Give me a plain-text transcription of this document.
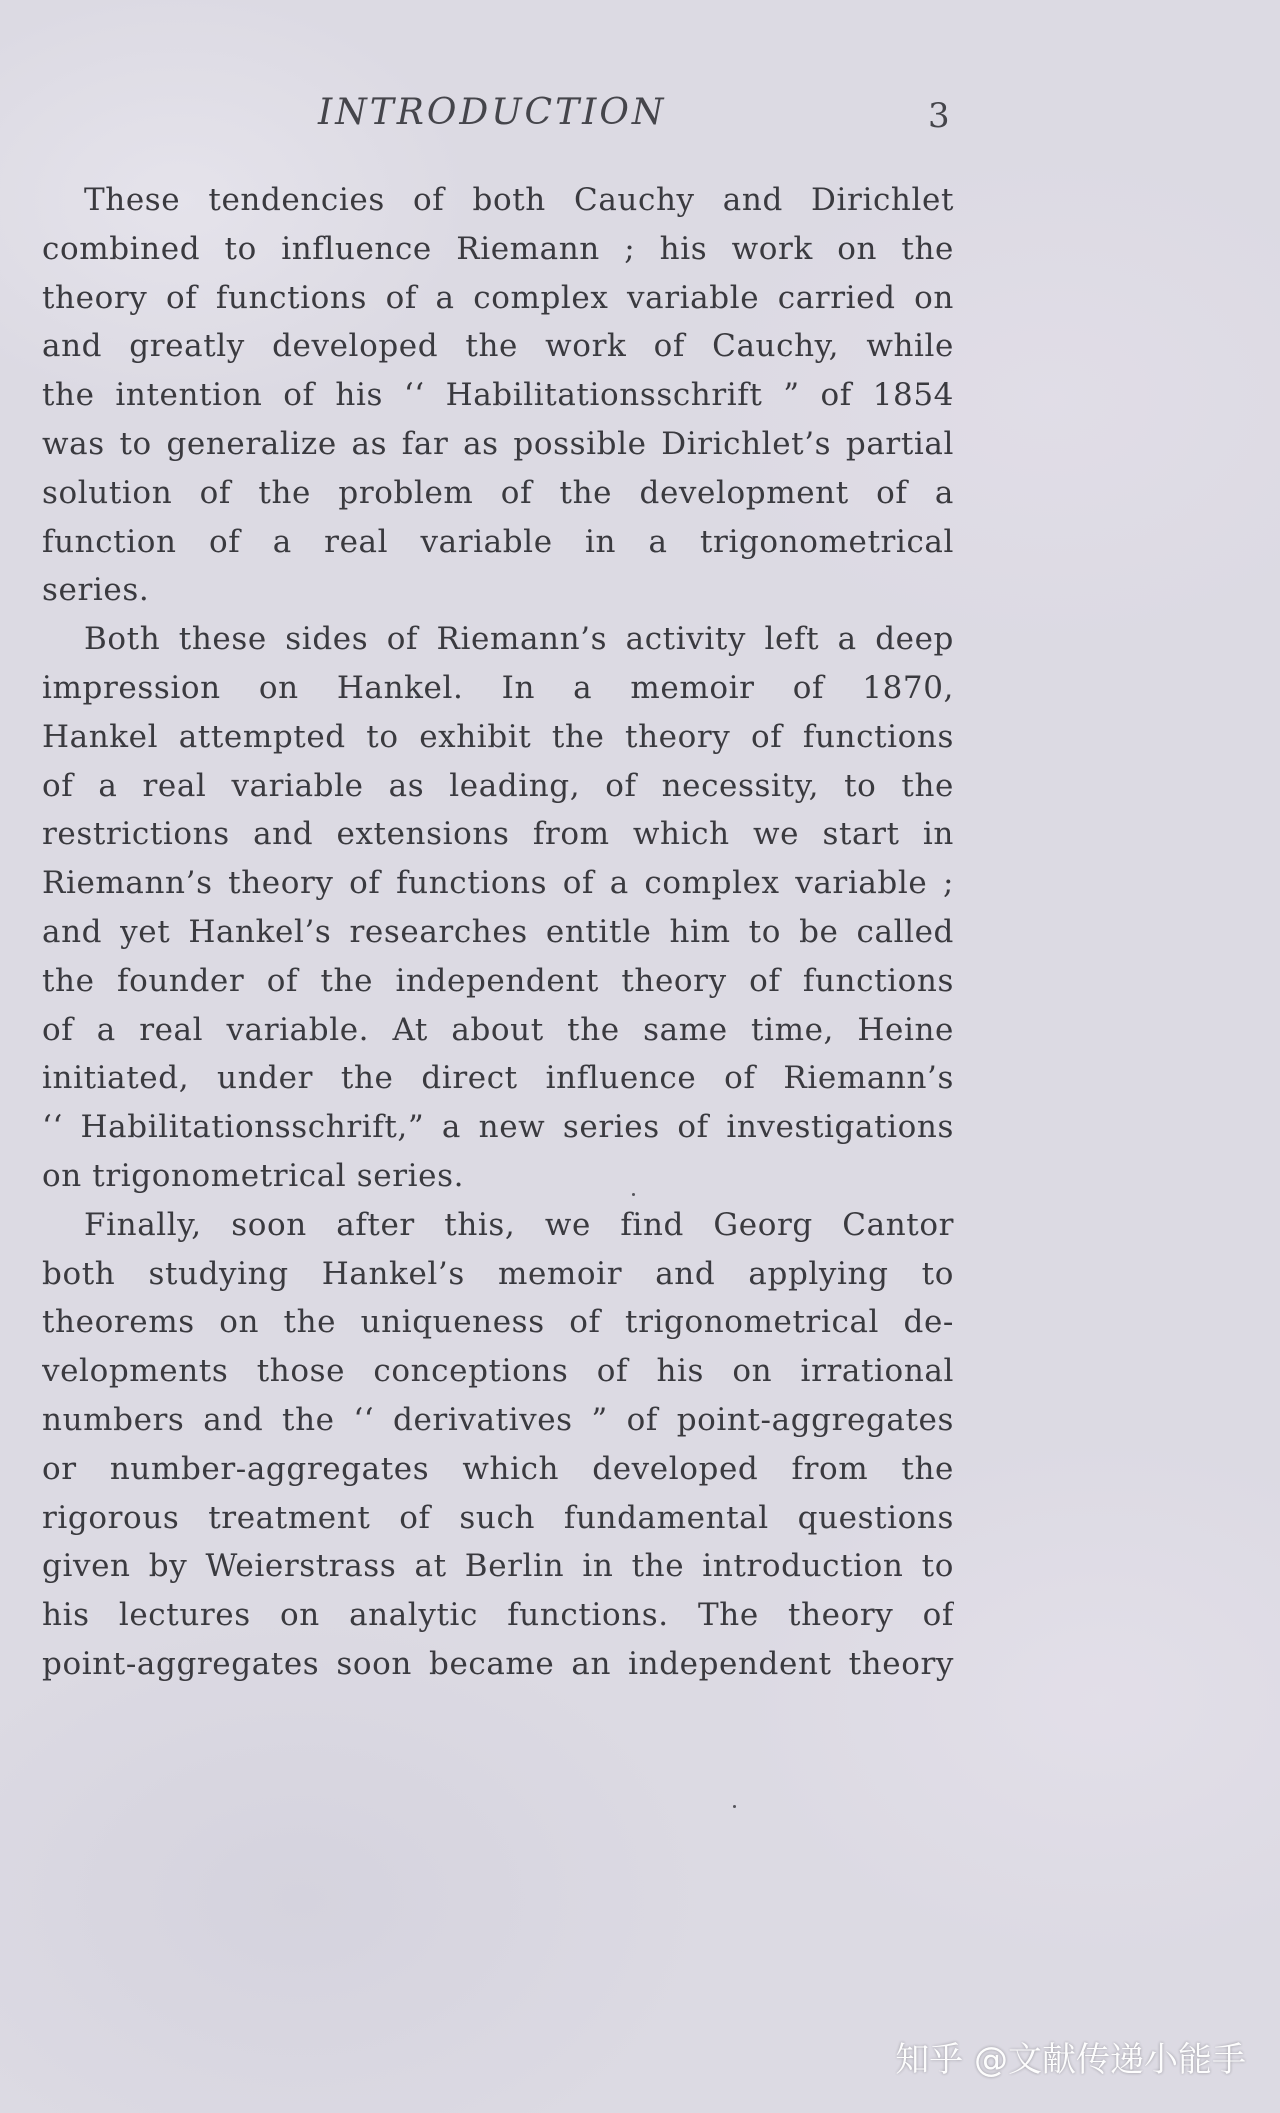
INTRODUCTION	3
These tendencies of both Cauchy and Dirichlet
combined to influence Riemann ; his work on the
theory of functions of a complex variable carried on
and greatly developed the work of Cauchy, while
the intention of his ‘‘ Habilitationsschrift ” of 1854
was to generalize as far as possible Dirichlet’s partial
solution of the problem of the development of a
function of a real variable in a trigonometrical
series.
Both these sides of Riemann’s activity left a deep
impression on Hankel. In a memoir of 1870,
Hankel attempted to exhibit the theory of functions
of a real variable as leading, of necessity, to the
restrictions and extensions from which we start in
Riemann’s theory of functions of a complex variable ;
and yet Hankel’s researches entitle him to be called
the founder of the independent theory of functions
of a real variable. At about the same time, Heine
initiated, under the direct influence of Riemann’s
‘‘ Habilitationsschrift,” a new series of investigations
on trigonometrical series.
Finally, soon after this, we find Georg Cantor
both studying Hankel’s memoir and applying to
theorems on the uniqueness of trigonometrical de-
velopments those conceptions of his on irrational
numbers and the ‘‘ derivatives ” of point-aggregates
or number-aggregates which developed from the
rigorous treatment of such fundamental questions
given by Weierstrass at Berlin in the introduction to
his lectures on analytic functions. The theory of
point-aggregates soon became an independent theory
知乎 @文献传递小能手
